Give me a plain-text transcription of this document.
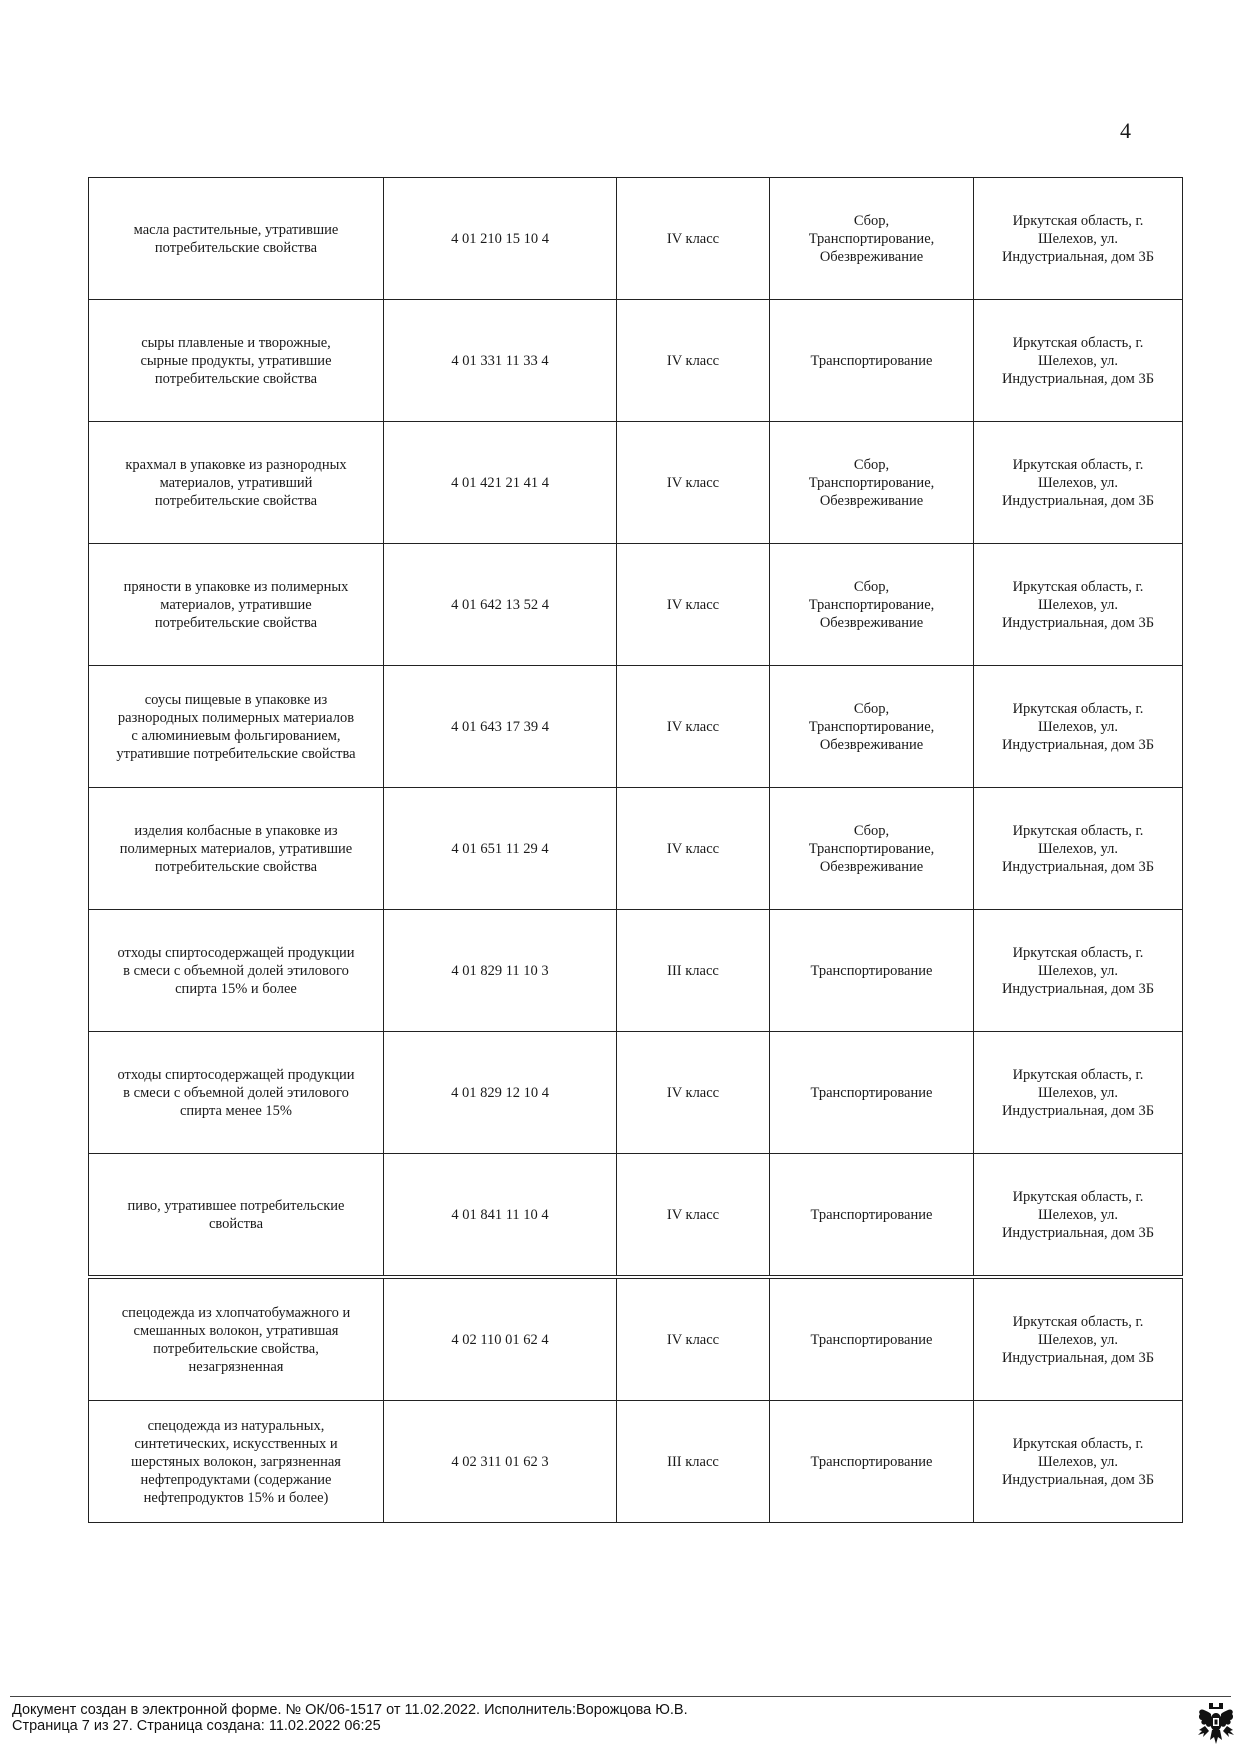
4
масла растительные, утратившие
потребительские свойства	4 01 210 15 10 4	IV класс	Сбор,
Транспортирование,
Обезвреживание	Иркутская область, г.
Шелехов, ул.
Индустриальная, дом 3Б
сыры плавленые и творожные,
сырные продукты, утратившие
потребительские свойства	4 01 331 11 33 4	IV класс	Транспортирование	Иркутская область, г.
Шелехов, ул.
Индустриальная, дом 3Б
крахмал в упаковке из разнородных
материалов, утративший
потребительские свойства	4 01 421 21 41 4	IV класс	Сбор,
Транспортирование,
Обезвреживание	Иркутская область, г.
Шелехов, ул.
Индустриальная, дом 3Б
пряности в упаковке из полимерных
материалов, утратившие
потребительские свойства	4 01 642 13 52 4	IV класс	Сбор,
Транспортирование,
Обезвреживание	Иркутская область, г.
Шелехов, ул.
Индустриальная, дом 3Б
соусы пищевые в упаковке из
разнородных полимерных материалов
с алюминиевым фольгированием,
утратившие потребительские свойства	4 01 643 17 39 4	IV класс	Сбор,
Транспортирование,
Обезвреживание	Иркутская область, г.
Шелехов, ул.
Индустриальная, дом 3Б
изделия колбасные в упаковке из
полимерных материалов, утратившие
потребительские свойства	4 01 651 11 29 4	IV класс	Сбор,
Транспортирование,
Обезвреживание	Иркутская область, г.
Шелехов, ул.
Индустриальная, дом 3Б
отходы спиртосодержащей продукции
в смеси с объемной долей этилового
спирта 15% и более	4 01 829 11 10 3	III класс	Транспортирование	Иркутская область, г.
Шелехов, ул.
Индустриальная, дом 3Б
отходы спиртосодержащей продукции
в смеси с объемной долей этилового
спирта менее 15%	4 01 829 12 10 4	IV класс	Транспортирование	Иркутская область, г.
Шелехов, ул.
Индустриальная, дом 3Б
пиво, утратившее потребительские
свойства	4 01 841 11 10 4	IV класс	Транспортирование	Иркутская область, г.
Шелехов, ул.
Индустриальная, дом 3Б
спецодежда из хлопчатобумажного и
смешанных волокон, утратившая
потребительские свойства,
незагрязненная	4 02 110 01 62 4	IV класс	Транспортирование	Иркутская область, г.
Шелехов, ул.
Индустриальная, дом 3Б
спецодежда из натуральных,
синтетических, искусственных и
шерстяных волокон, загрязненная
нефтепродуктами (содержание
нефтепродуктов 15% и более)	4 02 311 01 62 3	III класс	Транспортирование	Иркутская область, г.
Шелехов, ул.
Индустриальная, дом 3Б
Документ создан в электронной форме. № ОК/06-1517 от 11.02.2022. Исполнитель:Ворожцова Ю.В.
Страница 7 из 27. Страница создана: 11.02.2022 06:25
